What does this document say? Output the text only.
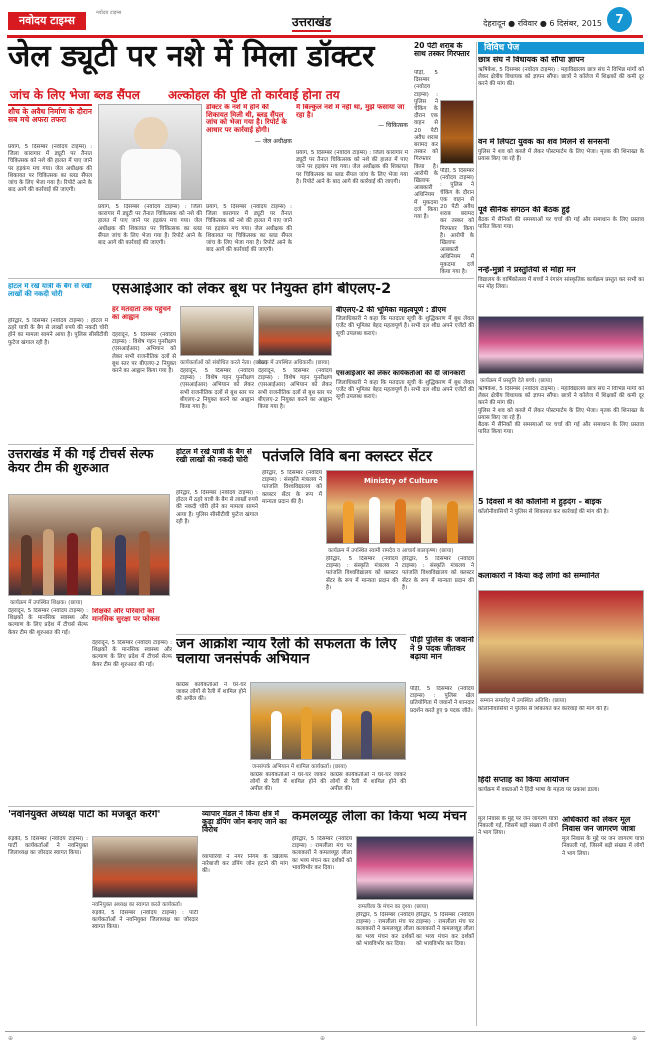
नवोदय टाइम्स
नवोदय टाइम्स
उत्तराखंड	देहरादून ● रविवार ● 6 दिसंबर, 2015	7
जेल ड्यूटी पर नशे में मिला डॉक्टर
जांच के लिए भेजा ब्लड सैंपल अल्कोहल की पुष्टि तो कार्रवाई होना तय
शौच के अवैध निर्माण के दौरान सब मचे अफरा तफरा
प्रयाग, 5 दिसम्बर (नवोदय टाइम्स) : जिला कारागार में ड्यूटी पर तैनात चिकित्सक को नशे की हालत में पाए जाने पर हड़कंप मच गया। जेल अधीक्षक की शिकायत पर चिकित्सक का ब्लड सैंपल जांच के लिए भेजा गया है। रिपोर्ट आने के बाद आगे की कार्रवाई की जाएगी।
प्रयाग, 5 दिसम्बर (नवोदय टाइम्स) : जिला कारागार में ड्यूटी पर तैनात चिकित्सक को नशे की हालत में पाए जाने पर हड़कंप मच गया। जेल अधीक्षक की शिकायत पर चिकित्सक का ब्लड सैंपल जांच के लिए भेजा गया है। रिपोर्ट आने के बाद आगे की कार्रवाई की जाएगी।
प्रयाग, 5 दिसम्बर (नवोदय टाइम्स) : जिला कारागार में ड्यूटी पर तैनात चिकित्सक को नशे की हालत में पाए जाने पर हड़कंप मच गया। जेल अधीक्षक की शिकायत पर चिकित्सक का ब्लड सैंपल जांच के लिए भेजा गया है। रिपोर्ट आने के बाद आगे की कार्रवाई की जाएगी।
डॉक्टर के नशे में होने की शिकायत मिली थी, ब्लड सैंपल जांच को भेजा गया है। रिपोर्ट के आधार पर कार्रवाई होगी।
— जेल अधीक्षक
मैं बिल्कुल नशे में नहीं था, मुझे फंसाया जा रहा है।
— चिकित्सक
प्रयाग, 5 दिसम्बर (नवोदय टाइम्स) : जिला कारागार में ड्यूटी पर तैनात चिकित्सक को नशे की हालत में पाए जाने पर हड़कंप मच गया। जेल अधीक्षक की शिकायत पर चिकित्सक का ब्लड सैंपल जांच के लिए भेजा गया है। रिपोर्ट आने के बाद आगे की कार्रवाई की जाएगी।
20 पेटी शराब के साथ तस्कर गिरफ्तार
पौड़ी, 5 दिसम्बर (नवोदय टाइम्स) : पुलिस ने चेकिंग के दौरान एक वाहन से 20 पेटी अवैध शराब बरामद कर तस्कर को गिरफ्तार किया है। आरोपी के खिलाफ आबकारी अधिनियम में मुकदमा दर्ज किया गया है।
पौड़ी, 5 दिसम्बर (नवोदय टाइम्स) : पुलिस ने चेकिंग के दौरान एक वाहन से 20 पेटी अवैध शराब बरामद कर तस्कर को गिरफ्तार किया है। आरोपी के खिलाफ आबकारी अधिनियम में मुकदमा दर्ज किया गया है।
विविध पेज
छात्र संघ ने विधायक को सौंपा ज्ञापन
ऋषिकेश, 5 दिसम्बर (नवोदय टाइम्स) : महाविद्यालय छात्र संघ ने विभिन्न मांगों को लेकर क्षेत्रीय विधायक को ज्ञापन सौंपा। छात्रों ने कॉलेज में शिक्षकों की कमी दूर करने की मांग की।
वन में लिपटा युवक का शव मिलने से सनसनी
पुलिस ने शव को कब्जे में लेकर पोस्टमार्टम के लिए भेजा। मृतक की शिनाख्त के प्रयास किए जा रहे हैं।
पूर्व सैनिक संगठन की बैठक हुई
बैठक में सैनिकों की समस्याओं पर चर्चा की गई और समाधान के लिए प्रस्ताव पारित किया गया।
नन्हे-मुन्नों ने प्रस्तुतियों से मोहा मन
विद्यालय के वार्षिकोत्सव में बच्चों ने रंगारंग सांस्कृतिक कार्यक्रम प्रस्तुत कर सभी का मन मोह लिया।
कार्यक्रम में प्रस्तुति देते बच्चे। (छाया)
ऋषिकेश, 5 दिसम्बर (नवोदय टाइम्स) : महाविद्यालय छात्र संघ ने विभिन्न मांगों को लेकर क्षेत्रीय विधायक को ज्ञापन सौंपा। छात्रों ने कॉलेज में शिक्षकों की कमी दूर करने की मांग की।
पुलिस ने शव को कब्जे में लेकर पोस्टमार्टम के लिए भेजा। मृतक की शिनाख्त के प्रयास किए जा रहे हैं।
बैठक में सैनिकों की समस्याओं पर चर्चा की गई और समाधान के लिए प्रस्ताव पारित किया गया।
5 दिवसों में की कॉलोनी में हुड़दंग - बाइक
कॉलोनीवासियों ने पुलिस से शिकायत कर कार्रवाई की मांग की है।
कलाकारों ने किया कई लोगों को सम्मानित
सम्मान समारोह में उपस्थित अतिथि। (छाया)
कॉलोनीवासियों ने पुलिस से शिकायत कर कार्रवाई की मांग की है।
हिंदी सप्ताह का किया आयोजन
कार्यक्रम में वक्ताओं ने हिंदी भाषा के महत्व पर प्रकाश डाला।
मूल निवास के मुद्दे पर जन जागरण यात्रा निकाली गई, जिसमें बड़ी संख्या में लोगों ने भाग लिया।
अधिकारों को लेकर मूल निवास जन जागरण जात्रा
मूल निवास के मुद्दे पर जन जागरण यात्रा निकाली गई, जिसमें बड़ी संख्या में लोगों ने भाग लिया।
होटल में रखे यात्री के बैग से रखी लाखों की नकदी चोरी
हरिद्वार, 5 दिसम्बर (नवोदय टाइम्स) : होटल में ठहरे यात्री के बैग से लाखों रुपये की नकदी चोरी होने का मामला सामने आया है। पुलिस सीसीटीवी फुटेज खंगाल रही है।
एसआईआर को लेकर बूथ पर नियुक्त होंगे बीएलए-2
हर मतदाता तक पहुंचने का आह्वान
देहरादून, 5 दिसम्बर (नवोदय टाइम्स) : विशेष गहन पुनरीक्षण (एसआईआर) अभियान को लेकर सभी राजनीतिक दलों से बूथ स्तर पर बीएलए-2 नियुक्त करने का आह्वान किया गया है।
कार्यकर्ताओं को संबोधित करते नेता। (छाया)
बैठक में उपस्थित अधिकारी। (छाया)
देहरादून, 5 दिसम्बर (नवोदय टाइम्स) : विशेष गहन पुनरीक्षण (एसआईआर) अभियान को लेकर सभी राजनीतिक दलों से बूथ स्तर पर बीएलए-2 नियुक्त करने का आह्वान किया गया है।
देहरादून, 5 दिसम्बर (नवोदय टाइम्स) : विशेष गहन पुनरीक्षण (एसआईआर) अभियान को लेकर सभी राजनीतिक दलों से बूथ स्तर पर बीएलए-2 नियुक्त करने का आह्वान किया गया है।
बीएलए-2 की भूमिका महत्वपूर्ण : डीएम
जिलाधिकारी ने कहा कि मतदाता सूची के शुद्धिकरण में बूथ लेवल एजेंट की भूमिका बेहद महत्वपूर्ण है। सभी दल शीघ्र अपने एजेंटों की सूची उपलब्ध कराएं।
एसआईआर को लेकर कार्यकर्ताओं की दी जानकारी
जिलाधिकारी ने कहा कि मतदाता सूची के शुद्धिकरण में बूथ लेवल एजेंट की भूमिका बेहद महत्वपूर्ण है। सभी दल शीघ्र अपने एजेंटों की सूची उपलब्ध कराएं।
उत्तराखंड में की गई टीचर्स सेल्फ केयर टीम की शुरुआत
कार्यक्रम में उपस्थित शिक्षक। (छाया)
देहरादून, 5 दिसम्बर (नवोदय टाइम्स) : शिक्षकों के मानसिक स्वास्थ्य और कल्याण के लिए प्रदेश में टीचर्स सेल्फ केयर टीम की शुरुआत की गई।
शिक्षकों और परिवारों को मानसिक सुरक्षा पर फोकस
देहरादून, 5 दिसम्बर (नवोदय टाइम्स) : शिक्षकों के मानसिक स्वास्थ्य और कल्याण के लिए प्रदेश में टीचर्स सेल्फ केयर टीम की शुरुआत की गई।
होटल में रखे यात्री के बैग से रखी लाखों की नकदी चोरी
हरिद्वार, 5 दिसम्बर (नवोदय टाइम्स) : होटल में ठहरे यात्री के बैग से लाखों रुपये की नकदी चोरी होने का मामला सामने आया है। पुलिस सीसीटीवी फुटेज खंगाल रही है।
पतंजलि विवि बना क्लस्टर सेंटर
हरिद्वार, 5 दिसम्बर (नवोदय टाइम्स) : संस्कृति मंत्रालय ने पतंजलि विश्वविद्यालय को क्लस्टर सेंटर के रूप में मान्यता प्रदान की है।
Ministry of Culture
कार्यक्रम में उपस्थित स्वामी रामदेव व आचार्य बालकृष्ण। (छाया)
हरिद्वार, 5 दिसम्बर (नवोदय टाइम्स) : संस्कृति मंत्रालय ने पतंजलि विश्वविद्यालय को क्लस्टर सेंटर के रूप में मान्यता प्रदान की है।
हरिद्वार, 5 दिसम्बर (नवोदय टाइम्स) : संस्कृति मंत्रालय ने पतंजलि विश्वविद्यालय को क्लस्टर सेंटर के रूप में मान्यता प्रदान की है।
जन आक्रोश न्याय रैली की सफलता के लिए चलाया जनसंपर्क अभियान
कांग्रेस कार्यकर्ताओं ने घर-घर जाकर लोगों से रैली में शामिल होने की अपील की।
जनसंपर्क अभियान में शामिल कार्यकर्ता। (छाया)
कांग्रेस कार्यकर्ताओं ने घर-घर जाकर लोगों से रैली में शामिल होने की अपील की।
कांग्रेस कार्यकर्ताओं ने घर-घर जाकर लोगों से रैली में शामिल होने की अपील की।
पौड़ी पुलिस के जवानों ने 9 पदक जीतकर बढ़ाया मान
पौड़ी, 5 दिसम्बर (नवोदय टाइम्स) : पुलिस खेल प्रतियोगिता में जवानों ने शानदार प्रदर्शन करते हुए 9 पदक जीते।
'नवनियुक्त अध्यक्ष पार्टी को मजबूत करेंगे'
रुड़की, 5 दिसम्बर (नवोदय टाइम्स) : पार्टी कार्यकर्ताओं ने नवनियुक्त जिलाध्यक्ष का जोरदार स्वागत किया।
नवनियुक्त अध्यक्ष का स्वागत करते कार्यकर्ता।
रुड़की, 5 दिसम्बर (नवोदय टाइम्स) : पार्टी कार्यकर्ताओं ने नवनियुक्त जिलाध्यक्ष का जोरदार स्वागत किया।
व्यापार मंडल ने किया क्षेत्र में कूड़ा डंपिंग जोन बनाए जाने का विरोध
व्यापारियों ने नगर निगम के खिलाफ नारेबाजी कर डंपिंग जोन हटाने की मांग की।
कमलव्यूह लीला का किया भव्य मंचन
हरिद्वार, 5 दिसम्बर (नवोदय टाइम्स) : रामलीला मंच पर कलाकारों ने कमलव्यूह लीला का भव्य मंचन कर दर्शकों को भावविभोर कर दिया।
रामलीला के मंचन का दृश्य। (छाया)
हरिद्वार, 5 दिसम्बर (नवोदय टाइम्स) : रामलीला मंच पर कलाकारों ने कमलव्यूह लीला का भव्य मंचन कर दर्शकों को भावविभोर कर दिया।
हरिद्वार, 5 दिसम्बर (नवोदय टाइम्स) : रामलीला मंच पर कलाकारों ने कमलव्यूह लीला का भव्य मंचन कर दर्शकों को भावविभोर कर दिया।
⊕	⊕	⊕
